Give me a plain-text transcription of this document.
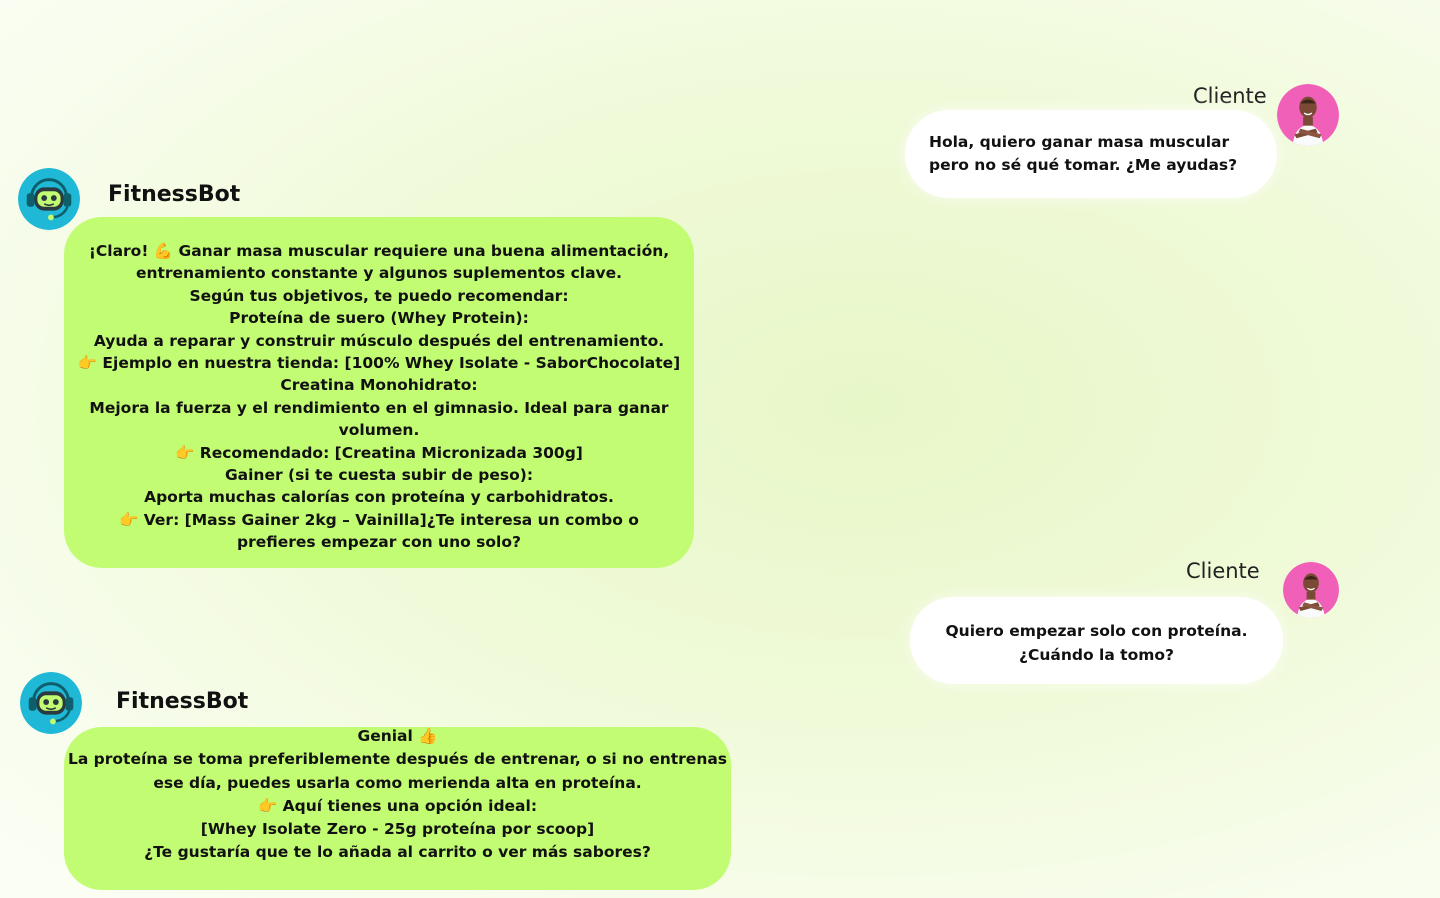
Cliente
Hola, quiero ganar masa muscular
pero no sé qué tomar. ¿Me ayudas?
FitnessBot
¡Claro! 💪 Ganar masa muscular requiere una buena alimentación,
entrenamiento constante y algunos suplementos clave.
Según tus objetivos, te puedo recomendar:
Proteína de suero (Whey Protein):
Ayuda a reparar y construir músculo después del entrenamiento.
👉 Ejemplo en nuestra tienda: [100% Whey Isolate - SaborChocolate]
Creatina Monohidrato:
Mejora la fuerza y el rendimiento en el gimnasio. Ideal para ganar
volumen.
👉 Recomendado: [Creatina Micronizada 300g]
Gainer (si te cuesta subir de peso):
Aporta muchas calorías con proteína y carbohidratos.
👉 Ver: [Mass Gainer 2kg – Vainilla]¿Te interesa un combo o
prefieres empezar con uno solo?
Cliente
Quiero empezar solo con proteína.
¿Cuándo la tomo?
FitnessBot
Genial 👍
La proteína se toma preferiblemente después de entrenar, o si no entrenas
ese día, puedes usarla como merienda alta en proteína.
👉 Aquí tienes una opción ideal:
[Whey Isolate Zero - 25g proteína por scoop]
¿Te gustaría que te lo añada al carrito o ver más sabores?
